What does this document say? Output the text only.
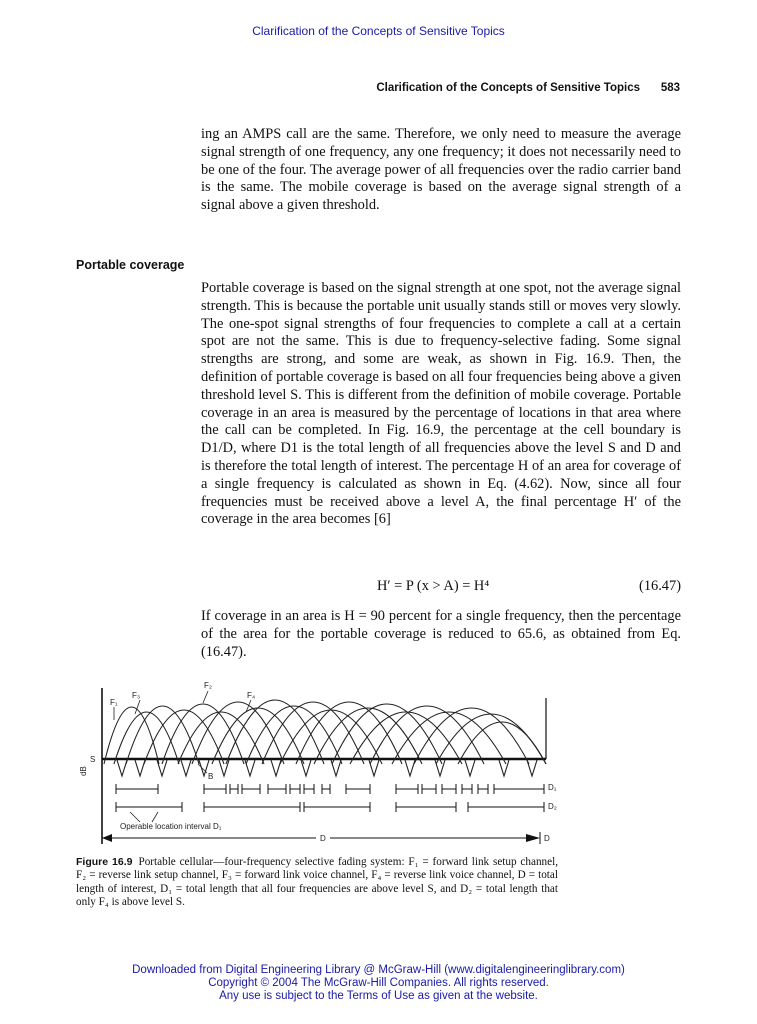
Clarification of the Concepts of Sensitive Topics
Clarification of the Concepts of Sensitive Topics 583
ing an AMPS call are the same. Therefore, we only need to measure the average signal strength of one frequency, any one frequency; it does not necessarily need to be one of the four. The average power of all frequencies over the radio carrier band is the same. The mobile coverage is based on the average signal strength of a signal above a given threshold.
Portable coverage
Portable coverage is based on the signal strength at one spot, not the average signal strength. This is because the portable unit usually stands still or moves very slowly. The one-spot signal strengths of four frequencies to complete a call at a certain spot are not the same. This is due to frequency-selective fading. Some signal strengths are strong, and some are weak, as shown in Fig. 16.9. Then, the definition of portable coverage is based on all four frequencies being above a given threshold level S. This is different from the definition of mobile coverage. Portable coverage in an area is measured by the percentage of locations in that area where the call can be completed. In Fig. 16.9, the percentage at the cell boundary is D1/D, where D1 is the total length of all frequencies above the level S and D and is therefore the total length of interest. The percentage H of an area for coverage of a single frequency is calculated as shown in Eq. (4.62). Now, since all four frequencies must be received above a level A, the final percentage H′ of the coverage in the area becomes [6]
H′ = P (x > A) = H⁴	(16.47)
If coverage in an area is H = 90 percent for a single frequency, then the percentage of the area for the portable coverage is reduced to 65.6, as obtained from Eq. (16.47).
F₁
F₃
F₂
F₄
dB
S
B
D₁
D₂
Operable location interval D₁
D	D
Figure 16.9 Portable cellular—four-frequency selective fading system: F₁ = forward link setup channel, F₂ = reverse link setup channel, F₃ = forward link voice channel, F₄ = reverse link voice channel, D = total length of interest, D₁ = total length that all four frequencies are above level S, and D₂ = total length that only F₄ is above level S.
Downloaded from Digital Engineering Library @ McGraw-Hill (www.digitalengineeringlibrary.com)
Copyright © 2004 The McGraw-Hill Companies. All rights reserved.
Any use is subject to the Terms of Use as given at the website.
